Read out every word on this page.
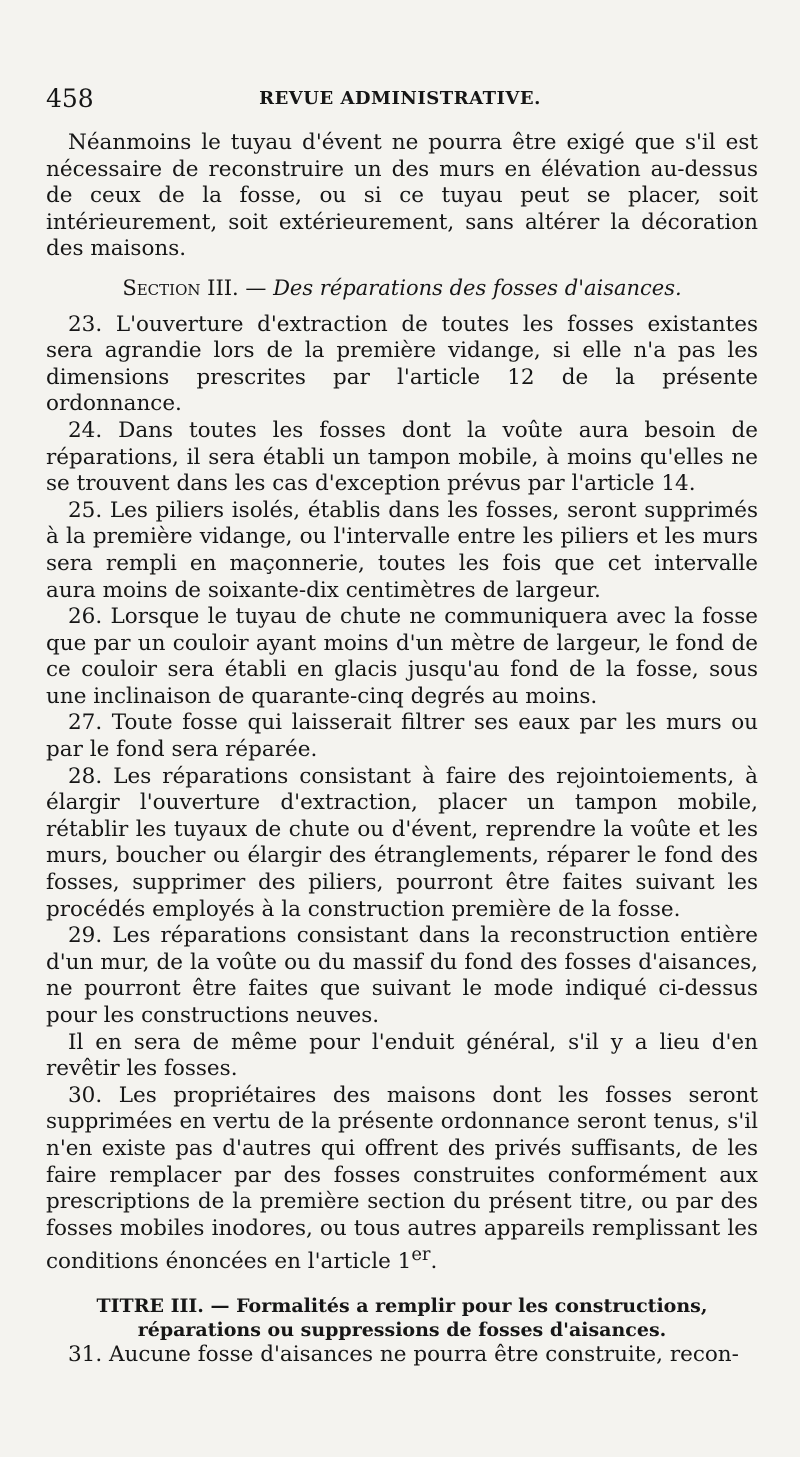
458	REVUE ADMINISTRATIVE.

Néanmoins le tuyau d'évent ne pourra être exigé que s'il est nécessaire de reconstruire un des murs en élévation au-dessus de ceux de la fosse, ou si ce tuyau peut se placer, soit intérieurement, soit extérieurement, sans altérer la décoration des maisons.

Section III. — Des réparations des fosses d'aisances.

23. L'ouverture d'extraction de toutes les fosses existantes sera agrandie lors de la première vidange, si elle n'a pas les dimensions prescrites par l'article 12 de la présente ordonnance.

24. Dans toutes les fosses dont la voûte aura besoin de réparations, il sera établi un tampon mobile, à moins qu'elles ne se trouvent dans les cas d'exception prévus par l'article 14.

25. Les piliers isolés, établis dans les fosses, seront supprimés à la première vidange, ou l'intervalle entre les piliers et les murs sera rempli en maçonnerie, toutes les fois que cet intervalle aura moins de soixante-dix centimètres de largeur.

26. Lorsque le tuyau de chute ne communiquera avec la fosse que par un couloir ayant moins d'un mètre de largeur, le fond de ce couloir sera établi en glacis jusqu'au fond de la fosse, sous une inclinaison de quarante-cinq degrés au moins.

27. Toute fosse qui laisserait filtrer ses eaux par les murs ou par le fond sera réparée.

28. Les réparations consistant à faire des rejointoiements, à élargir l'ouverture d'extraction, placer un tampon mobile, rétablir les tuyaux de chute ou d'évent, reprendre la voûte et les murs, boucher ou élargir des étranglements, réparer le fond des fosses, supprimer des piliers, pourront être faites suivant les procédés employés à la construction première de la fosse.

29. Les réparations consistant dans la reconstruction entière d'un mur, de la voûte ou du massif du fond des fosses d'aisances, ne pourront être faites que suivant le mode indiqué ci-dessus pour les constructions neuves.

Il en sera de même pour l'enduit général, s'il y a lieu d'en revêtir les fosses.

30. Les propriétaires des maisons dont les fosses seront supprimées en vertu de la présente ordonnance seront tenus, s'il n'en existe pas d'autres qui offrent des privés suffisants, de les faire remplacer par des fosses construites conformément aux prescriptions de la première section du présent titre, ou par des fosses mobiles inodores, ou tous autres appareils remplissant les conditions énoncées en l'article 1er.

TITRE III. — Formalités a remplir pour les constructions, réparations ou suppressions de fosses d'aisances.

31. Aucune fosse d'aisances ne pourra être construite, recon-
